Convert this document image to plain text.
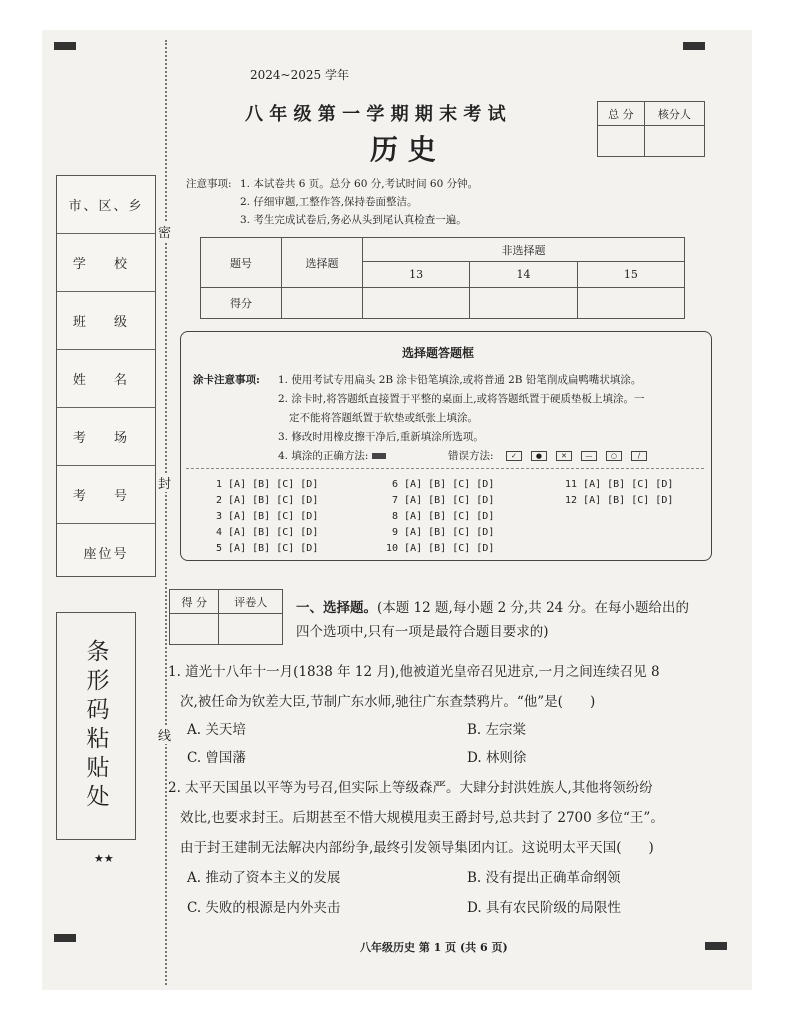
市、区、乡
学 校
班 级
姓 名
考 场
考 号
座位号
条形码粘贴处
★★
密
封
线
2024~2025 学年
八 年 级 第 一 学 期 期 末 考 试
历 史
总 分	核分人

注意事项: 1. 本试卷共 6 页。总分 60 分,考试时间 60 分钟。
2. 仔细审题,工整作答,保持卷面整洁。
3. 考生完成试卷后,务必从头到尾认真检查一遍。
题号	选择题	非选择题		
		13	14	15
得分				
选择题答题框
涂卡注意事项: 1. 使用考试专用扁头 2B 涂卡铅笔填涂,或将普通 2B 铅笔削成扁鸭嘴状填涂。
2. 涂卡时,将答题纸直接置于平整的桌面上,或将答题纸置于硬质垫板上填涂。一
定不能将答题纸置于软垫或纸张上填涂。
3. 修改时用橡皮擦干净后,重新填涂所选项。
4. 填涂的正确方法:	错误方法: ✓	●	✕	—	○	/
1 [A] [B] [C] [D]
2 [A] [B] [C] [D]
3 [A] [B] [C] [D]
4 [A] [B] [C] [D]
5 [A] [B] [C] [D]
6 [A] [B] [C] [D]
7 [A] [B] [C] [D]
8 [A] [B] [C] [D]
9 [A] [B] [C] [D]
10 [A] [B] [C] [D]
11 [A] [B] [C] [D]
12 [A] [B] [C] [D]
得 分	评卷人
	一、选择题。(本题 12 题,每小题 2 分,共 24 分。在每小题给出的
四个选项中,只有一项是最符合题目要求的)
1. 道光十八年十一月(1838 年 12 月),他被道光皇帝召见进京,一月之间连续召见 8
次,被任命为钦差大臣,节制广东水师,驰往广东查禁鸦片。“他”是(　　)
A. 关天培	B. 左宗棠
C. 曾国藩	D. 林则徐
2. 太平天国虽以平等为号召,但实际上等级森严。大肆分封洪姓族人,其他将领纷纷
效比,也要求封王。后期甚至不惜大规模甩卖王爵封号,总共封了 2700 多位“王”。
由于封王建制无法解决内部纷争,最终引发领导集团内讧。这说明太平天国(　　)
A. 推动了资本主义的发展	B. 没有提出正确革命纲领
C. 失败的根源是内外夹击	D. 具有农民阶级的局限性
八年级历史 第 1 页 (共 6 页)
